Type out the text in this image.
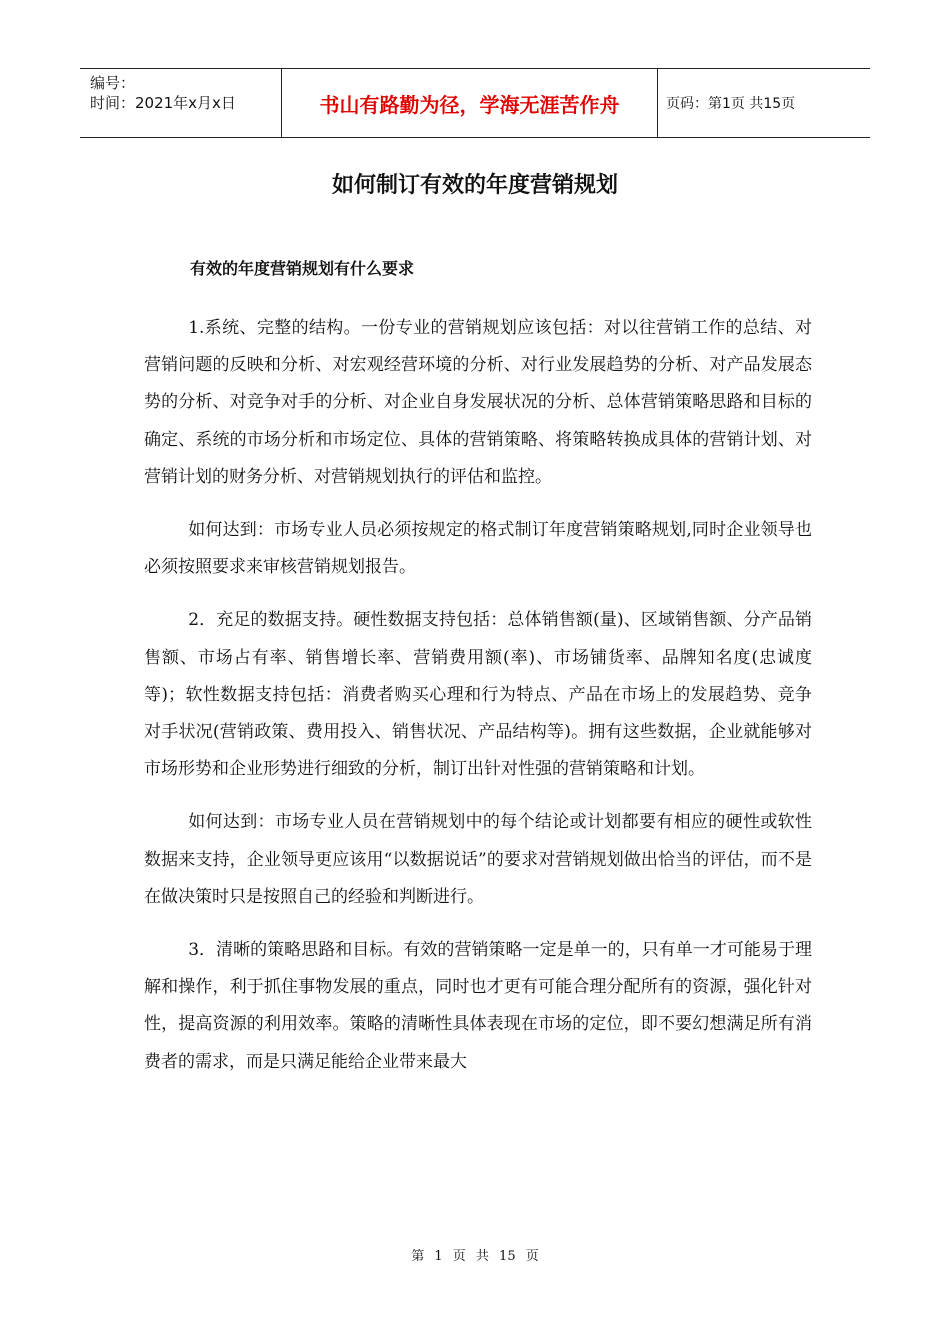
编号：
时间：2021年x月x日	书山有路勤为径，学海无涯苦作舟	页码：第1页 共15页
如何制订有效的年度营销规划
有效的年度营销规划有什么要求

1.系统、完整的结构。一份专业的营销规划应该包括：对以往营销工作的总结、对营销问题的反映和分析、对宏观经营环境的分析、对行业发展趋势的分析、对产品发展态势的分析、对竞争对手的分析、对企业自身发展状况的分析、总体营销策略思路和目标的确定、系统的市场分析和市场定位、具体的营销策略、将策略转换成具体的营销计划、对营销计划的财务分析、对营销规划执行的评估和监控。

如何达到：市场专业人员必须按规定的格式制订年度营销策略规划,同时企业领导也必须按照要求来审核营销规划报告。

2．充足的数据支持。硬性数据支持包括：总体销售额(量)、区域销售额、分产品销售额、市场占有率、销售增长率、营销费用额(率)、市场铺货率、品牌知名度(忠诚度等)；软性数据支持包括：消费者购买心理和行为特点、产品在市场上的发展趋势、竞争对手状况(营销政策、费用投入、销售状况、产品结构等)。拥有这些数据，企业就能够对市场形势和企业形势进行细致的分析，制订出针对性强的营销策略和计划。

如何达到：市场专业人员在营销规划中的每个结论或计划都要有相应的硬性或软性数据来支持，企业领导更应该用“以数据说话”的要求对营销规划做出恰当的评估，而不是在做决策时只是按照自己的经验和判断进行。

3．清晰的策略思路和目标。有效的营销策略一定是单一的，只有单一才可能易于理解和操作，利于抓住事物发展的重点，同时也才更有可能合理分配所有的资源，强化针对性，提高资源的利用效率。策略的清晰性具体表现在市场的定位，即不要幻想满足所有消费者的需求，而是只满足能给企业带来最大

第 1 页 共 15 页
